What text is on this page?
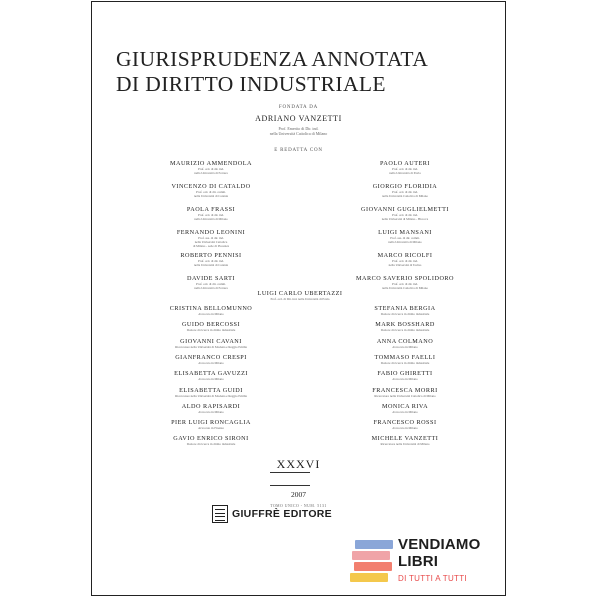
GIURISPRUDENZA ANNOTATA
DI DIRITTO INDUSTRIALE
FONDATA DA
ADRIANO VANZETTI
Prof. Emerito di Dir. ind.
nella Università Cattolica di Milano
E REDATTA CON
MAURIZIO AMMENDOLA
Prof. ord. di dir. ind.
nella Università di Ferrara
VINCENZO DI CATALDO
Prof. ord. di dir. comm.
nella Università di Catania
PAOLA FRASSI
Prof. ord. di dir. ind.
nella Università di Milano
FERNANDO LEONINI
Prof. ass. di dir. ind.
nella Università Cattolica
di Milano - sede di Piacenza
ROBERTO PENNISI
Prof. ord. di dir. ind.
nella Università di Catania
DAVIDE SARTI
Prof. ord. di dir. comm.
nella Università di Ferrara
PAOLO AUTERI
Prof. ord. di dir. ind.
nella Università di Pavia
GIORGIO FLORIDIA
Prof. ord. di dir. ind.
nella Università Cattolica di Milano
GIOVANNI GUGLIELMETTI
Prof. ord. di dir. ind.
nella Università di Milano - Bicocca
LUIGI MANSANI
Prof. ass. di dir. comm.
nella Università di Milano
MARCO RICOLFI
Prof. ord. di dir. ind.
nella Università di Torino
MARCO SAVERIO SPOLIDORO
Prof. ord. di dir. ind.
nella Università Cattolica di Milano
LUIGI CARLO UBERTAZZI
Prof. ord. di Dir. ind. nella Università di Pavia
CRISTINA BELLOMUNNO
Avvocato in Milano
GUIDO BERCOSSI
Dottore di ricerca in diritto industriale
GIOVANNI CAVANI
Ricercatore nella Università di Modena e Reggio Emilia
GIANFRANCO CRESPI
Avvocato in Milano
ELISABETTA GAVUZZI
Avvocato in Milano
ELISABETTA GUIDI
Ricercatore nella Università di Modena e Reggio Emilia
ALDO RAPISARDI
Avvocato in Milano
PIER LUIGI RONCAGLIA
Avvocato in Firenze
GAVIO ENRICO SIRONI
Dottore di ricerca in diritto industriale
STEFANIA BERGIA
Dottore di ricerca in diritto industriale
MARK BOSSHARD
Dottore di ricerca in diritto industriale
ANNA COLMANO
Avvocato in Milano
TOMMASO FAELLI
Dottore di ricerca in diritto industriale
FABIO GHIRETTI
Avvocato in Milano
FRANCESCA MORRI
Ricercatore nella Università Cattolica di Milano
MONICA RIVA
Avvocato in Milano
FRANCESCO ROSSI
Avvocato in Milano
MICHELE VANZETTI
Ricercatore nella Università di Milano
XXXVI
2007
TOMO UNICO - NUM. 5131
GIUFFRÈ EDITORE
VENDIAMO
LIBRI
DI TUTTI A TUTTI
